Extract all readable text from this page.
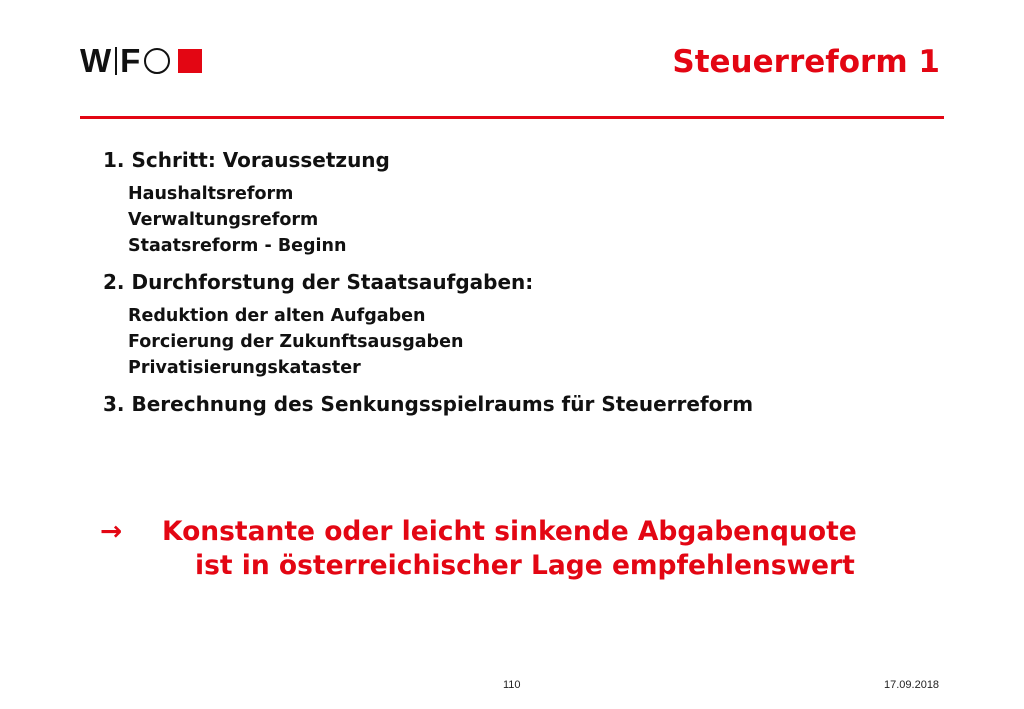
W F	Steuerreform 1
1. Schritt: Voraussetzung
Haushaltsreform
Verwaltungsreform
Staatsreform - Beginn
2. Durchforstung der Staatsaufgaben:
Reduktion der alten Aufgaben
Forcierung der Zukunftsausgaben
Privatisierungskataster
3. Berechnung des Senkungsspielraums für Steuerreform
→	Konstante oder leicht sinkende Abgabenquote
ist in österreichischer Lage empfehlenswert
110	17.09.2018
